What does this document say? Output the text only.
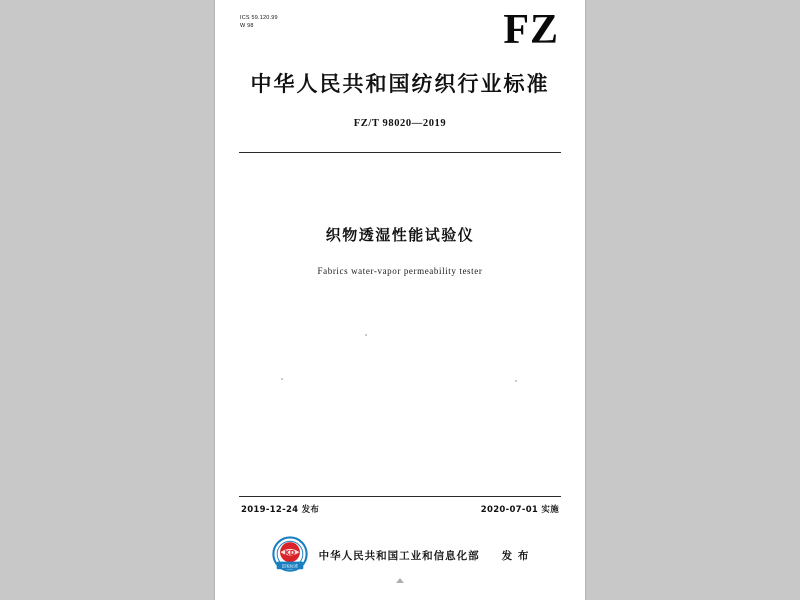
ICS 59.120.99
W 98	FZ
中华人民共和国纺织行业标准
FZ/T 98020—2019
织物透湿性能试验仪
Fabrics water-vapor permeability tester
2019-12-24 发布	2020-07-01 实施
KD
国家标准
中华人民共和国工业和信息化部 发 布
